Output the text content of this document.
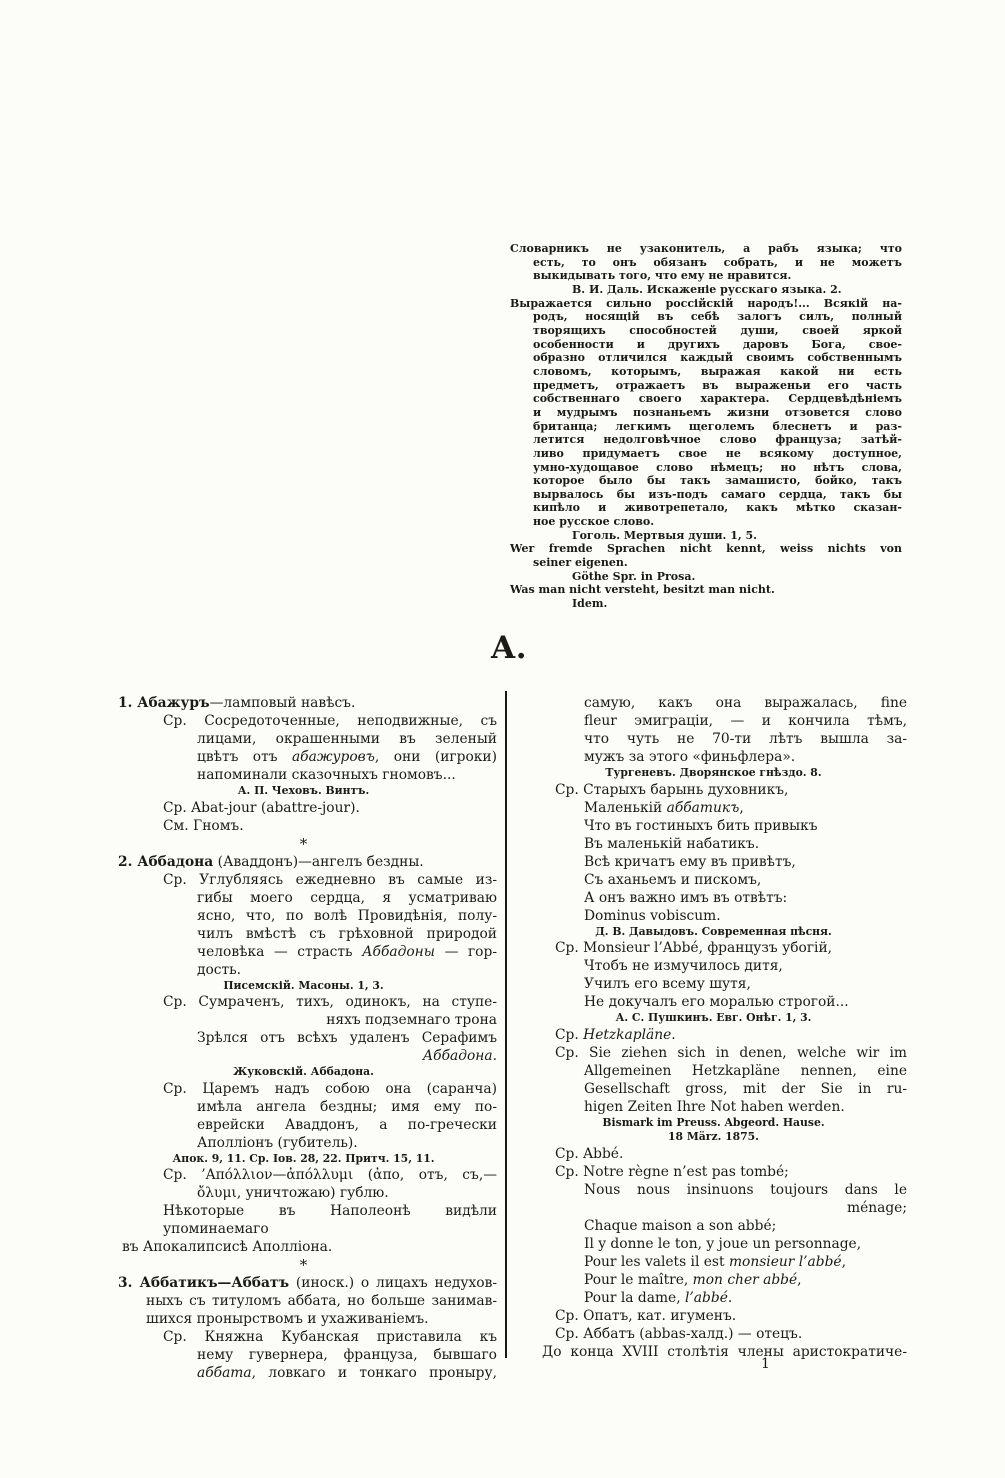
Словарникъ не узаконитель, а рабъ языка; что
есть, то онъ обязанъ собрать, и не можетъ
выкидывать того, что ему не нравится.
В. И. Даль. Искаженіе русскаго языка. 2.
Выражается сильно россійскій народъ!... Всякій на-
родъ, носящій въ себѣ залогъ силъ, полный
творящихъ способностей души, своей яркой
особенности и другихъ даровъ Бога, свое-
образно отличился каждый своимъ собственнымъ
словомъ, которымъ, выражая какой ни есть
предметъ, отражаетъ въ выраженьи его часть
собственнаго своего характера. Сердцевѣдѣніемъ
и мудрымъ познаньемъ жизни отзовется слово
британца; легкимъ щеголемъ блеснетъ и раз-
летится недолговѣчное слово француза; затѣй-
ливо придумаетъ свое не всякому доступное,
умно-худощавое слово нѣмецъ; но нѣтъ слова,
которое было бы такъ замашисто, бойко, такъ
вырвалось бы изъ-подъ самаго сердца, такъ бы
кипѣло и животрепетало, какъ мѣтко сказан-
ное русское слово.
Гоголь. Мертвыя души. 1, 5.
Wer fremde Sprachen nicht kennt, weiss nichts von
seiner eigenen.
Göthe Spr. in Prosa.
Was man nicht versteht, besitzt man nicht.
Idem.
А.
1. Абажуръ—ламповый навѣсъ.
Ср. Сосредоточенные, неподвижные, съ
лицами, окрашенными въ зеленый
цвѣтъ отъ абажуровъ, они (игроки)
напоминали сказочныхъ гномовъ...
А. П. Чеховъ. Винтъ.
Ср. Abat-jour (abattre-jour).
См. Гномъ.
*
2. Аббадона (Аваддонъ)—ангелъ бездны.
Ср. Углубляясь ежедневно въ самые из-
гибы моего сердца, я усматриваю
ясно, что, по волѣ Провидѣнія, полу-
чилъ вмѣстѣ съ грѣховной природой
человѣка — страсть Аббадоны — гор-
дость.
Писемскій. Масоны. 1, 3.
Ср. Сумраченъ, тихъ, одинокъ, на ступе-
няхъ подземнаго трона
Зрѣлся отъ всѣхъ удаленъ Серафимъ
Аббадона.
Жуковскій. Аббадона.
Ср. Царемъ надъ собою она (саранча)
имѣла ангела бездны; имя ему по-
еврейски Аваддонъ, а по-гречески
Аполліонъ (губитель).
Апок. 9, 11. Ср. Іов. 28, 22. Притч. 15, 11.
Ср. ’Απόλλιον—ἀπόλλυμι (ἀπο, отъ, съ,—
ὄλυμι, уничтожаю) гублю.
Нѣкоторые въ Наполеонѣ видѣли упоминаемаго
въ Апокалипсисѣ Аполліона.
*
3. Аббатикъ—Аббатъ (иноск.) о лицахъ недухов-
ныхъ съ титуломъ аббата, но больше занимав-
шихся пронырствомъ и ухаживаніемъ.
Ср. Княжна Кубанская приставила къ
нему гувернера, француза, бывшаго
аббата, ловкаго и тонкаго проныру,
самую, какъ она выражалась, fine
fleur эмиграціи, — и кончила тѣмъ,
что чуть не 70-ти лѣтъ вышла за-
мужъ за этого «финьфлера».
Тургеневъ. Дворянское гнѣздо. 8.
Ср. Старыхъ барынь духовникъ,
Маленькій аббатикъ,
Что въ гостиныхъ бить привыкъ
Въ маленькій набатикъ.
Всѣ кричатъ ему въ привѣтъ,
Съ аханьемъ и пискомъ,
А онъ важно имъ въ отвѣтъ:
Dominus vobiscum.
Д. В. Давыдовъ. Современная пѣсня.
Ср. Monsieur l’Abbé, французъ убогій,
Чтобъ не измучилось дитя,
Училъ его всему шутя,
Не докучалъ его моралью строгой...
А. С. Пушкинъ. Евг. Онѣг. 1, 3.
Ср. Hetzkapläne.
Ср. Sie ziehen sich in denen, welche wir im
Allgemeinen Hetzkapläne nennen, eine
Gesellschaft gross, mit der Sie in ru-
higen Zeiten Ihre Not haben werden.
Bismark im Preuss. Abgeord. Hause.
18 März. 1875.
Ср. Abbé.
Ср. Notre règne n’est pas tombé;
Nous nous insinuons toujours dans le
ménage;
Chaque maison a son abbé;
Il y donne le ton, y joue un personnage,
Pour les valets il est monsieur l’abbé,
Pour le maître, mon cher abbé,
Pour la dame, l’abbé.
Ср. Опатъ, кат. игуменъ.
Ср. Аббатъ (abbas-халд.) — отецъ.
До конца XVIII столѣтія члены аристократиче-
1
